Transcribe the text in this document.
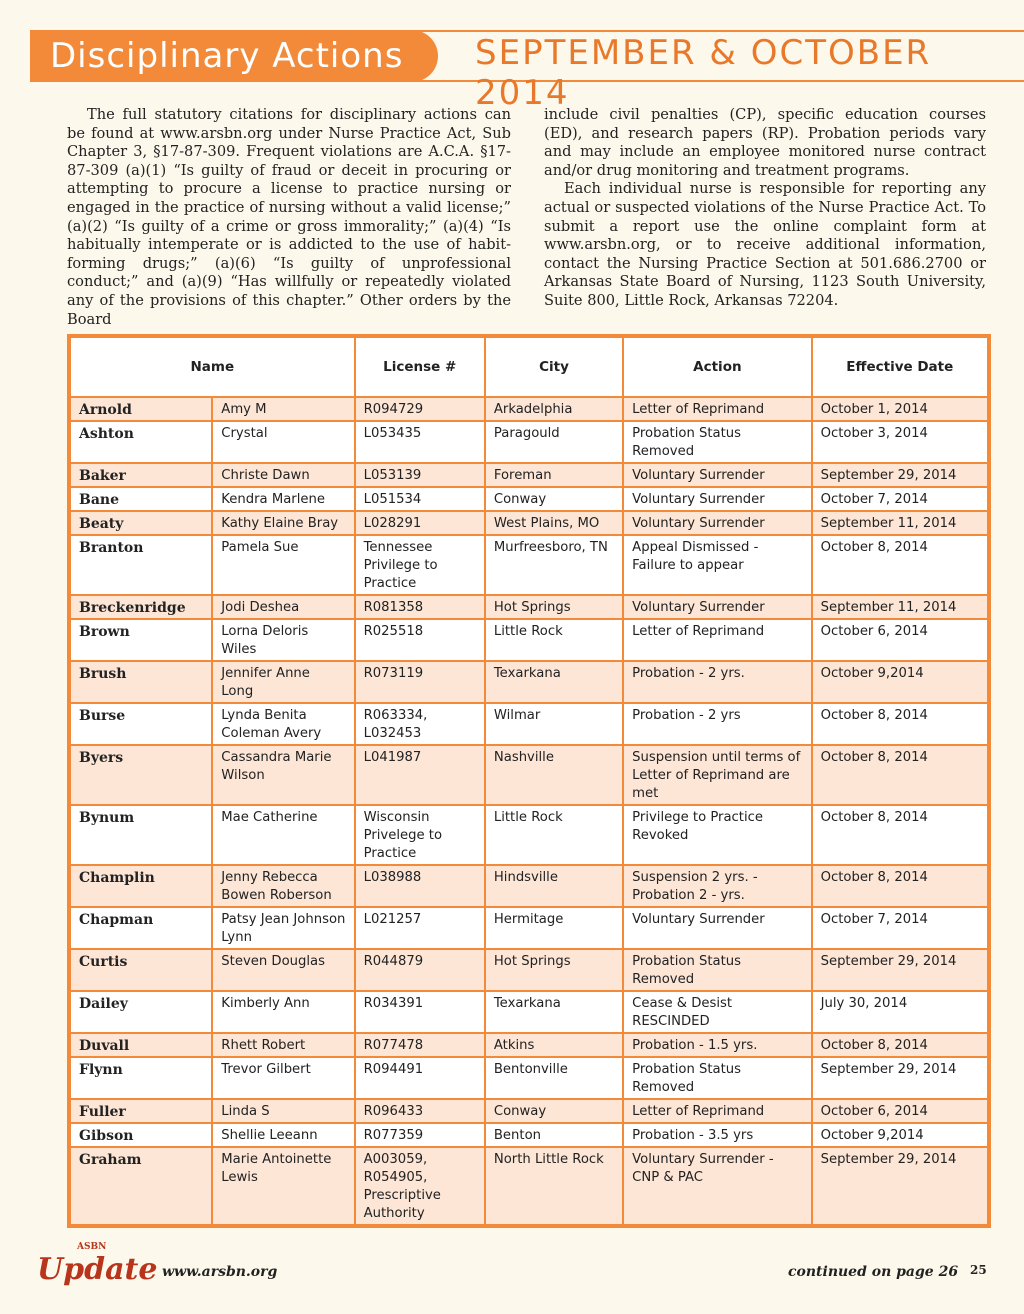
Disciplinary Actions SEPTEMBER & OCTOBER 2014

The full statutory citations for disciplinary actions can be found at www.arsbn.org under Nurse Practice Act, Sub Chapter 3, §17-87-309. Frequent violations are A.C.A. §17-87-309 (a)(1) “Is guilty of fraud or deceit in procuring or attempting to procure a license to practice nursing or engaged in the practice of nursing without a valid license;” (a)(2) “Is guilty of a crime or gross immorality;” (a)(4) “Is habitually intemperate or is addicted to the use of habit-forming drugs;” (a)(6) “Is guilty of unprofessional conduct;” and (a)(9) “Has willfully or repeatedly violated any of the provisions of this chapter.” Other orders by the Board

include civil penalties (CP), specific education courses (ED), and research papers (RP). Probation periods vary and may include an employee monitored nurse contract and/or drug monitoring and treatment programs.

Each individual nurse is responsible for reporting any actual or suspected violations of the Nurse Practice Act. To submit a report use the online complaint form at www.arsbn.org, or to receive additional information, contact the Nursing Practice Section at 501.686.2700 or Arkansas State Board of Nursing, 1123 South University, Suite 800, Little Rock, Arkansas 72204.

Name		License #	City	Action	Effective Date
Arnold	Amy M	R094729	Arkadelphia	Letter of Reprimand	October 1, 2014
Ashton	Crystal	L053435	Paragould	Probation Status Removed	October 3, 2014
Baker	Christe Dawn	L053139	Foreman	Voluntary Surrender	September 29, 2014
Bane	Kendra Marlene	L051534	Conway	Voluntary Surrender	October 7, 2014
Beaty	Kathy Elaine Bray	L028291	West Plains, MO	Voluntary Surrender	September 11, 2014
Branton	Pamela Sue	Tennessee Privilege to Practice	Murfreesboro, TN	Appeal Dismissed - Failure to appear	October 8, 2014
Breckenridge	Jodi Deshea	R081358	Hot Springs	Voluntary Surrender	September 11, 2014
Brown	Lorna Deloris Wiles	R025518	Little Rock	Letter of Reprimand	October 6, 2014
Brush	Jennifer Anne Long	R073119	Texarkana	Probation - 2 yrs.	October 9,2014
Burse	Lynda Benita Coleman Avery	R063334, L032453	Wilmar	Probation - 2 yrs	October 8, 2014
Byers	Cassandra Marie Wilson	L041987	Nashville	Suspension until terms of Letter of Reprimand are met	October 8, 2014
Bynum	Mae Catherine	Wisconsin Privelege to Practice	Little Rock	Privilege to Practice Revoked	October 8, 2014
Champlin	Jenny Rebecca Bowen Roberson	L038988	Hindsville	Suspension 2 yrs. - Probation 2 - yrs.	October 8, 2014
Chapman	Patsy Jean Johnson Lynn	L021257	Hermitage	Voluntary Surrender	October 7, 2014
Curtis	Steven Douglas	R044879	Hot Springs	Probation Status Removed	September 29, 2014
Dailey	Kimberly Ann	R034391	Texarkana	Cease & Desist RESCINDED	July 30, 2014
Duvall	Rhett Robert	R077478	Atkins	Probation - 1.5 yrs.	October 8, 2014
Flynn	Trevor Gilbert	R094491	Bentonville	Probation Status Removed	September 29, 2014
Fuller	Linda S	R096433	Conway	Letter of Reprimand	October 6, 2014
Gibson	Shellie Leeann	R077359	Benton	Probation - 3.5 yrs	October 9,2014
Graham	Marie Antoinette Lewis	A003059, R054905, Prescriptive Authority	North Little Rock	Voluntary Surrender - CNP & PAC	September 29, 2014
ASBN
Update www.arsbn.org	continued on page 26 25
